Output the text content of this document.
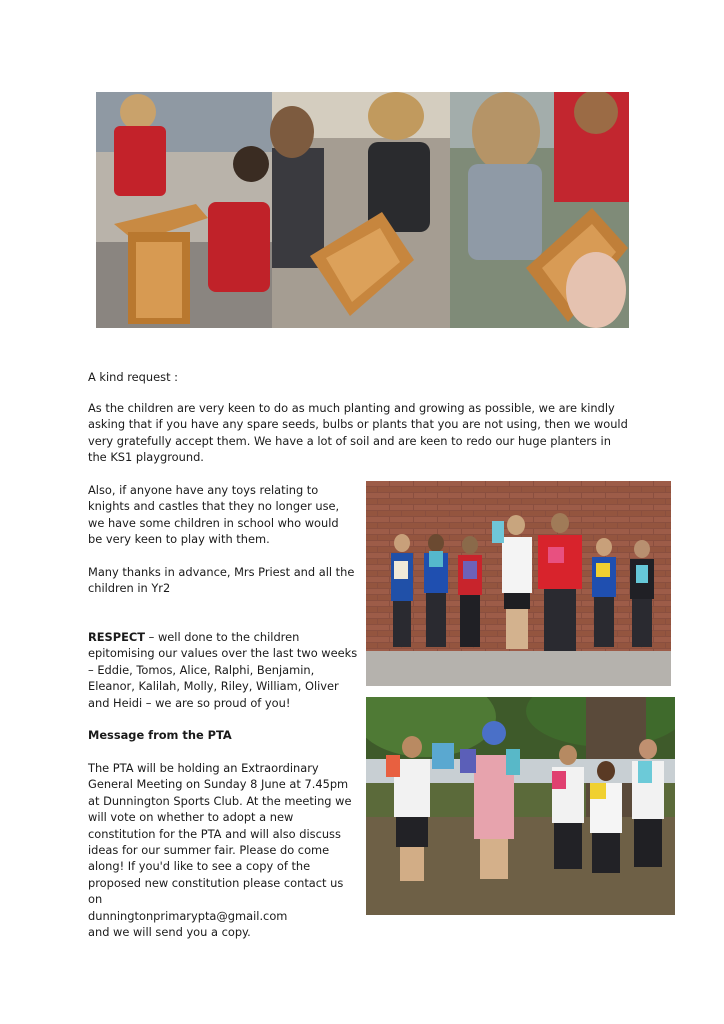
A kind request :

As the children are very keen to do as much planting and growing as possible, we are kindly asking that if you have any spare seeds, bulbs or plants that you are not using, then we would very gratefully accept them. We have a lot of soil and are keen to redo our huge planters in the KS1 playground.

Also, if anyone have any toys relating to knights and castles that they no longer use, we have some children in school who would be very keen to play with them.

Many thanks in advance, Mrs Priest and all the children in Yr2

RESPECT – well done to the children epitomising our values over the last two weeks – Eddie, Tomos, Alice, Ralphi, Benjamin, Eleanor, Kalilah, Molly, Riley, William, Oliver and Heidi – we are so proud of you!

Message from the PTA

The PTA will be holding an Extraordinary General Meeting on Sunday 8 June at 7.45pm at Dunnington Sports Club. At the meeting we will vote on whether to adopt a new constitution for the PTA and will also discuss ideas for our summer fair. Please do come along! If you'd like to see a copy of the proposed new constitution please contact us on

dunningtonprimarypta@gmail.com

and we will send you a copy.
